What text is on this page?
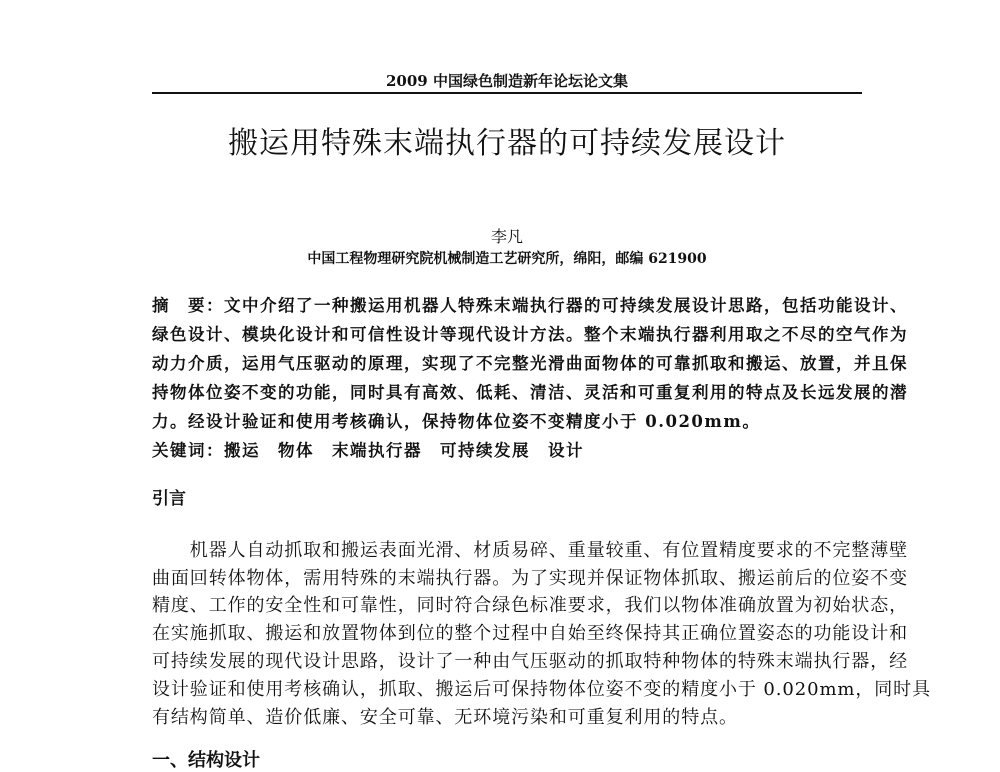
2009 中国绿色制造新年论坛论文集
搬运用特殊末端执行器的可持续发展设计
李凡
中国工程物理研究院机械制造工艺研究所，绵阳，邮编 621900
摘　要：文中介绍了一种搬运用机器人特殊末端执行器的可持续发展设计思路，包括功能设计、
绿色设计、模块化设计和可信性设计等现代设计方法。整个末端执行器利用取之不尽的空气作为
动力介质，运用气压驱动的原理，实现了不完整光滑曲面物体的可靠抓取和搬运、放置，并且保
持物体位姿不变的功能，同时具有高效、低耗、清洁、灵活和可重复利用的特点及长远发展的潜
力。经设计验证和使用考核确认，保持物体位姿不变精度小于 0.020mm。
关键词：搬运　物体　末端执行器　可持续发展　设计
引言
　　机器人自动抓取和搬运表面光滑、材质易碎、重量较重、有位置精度要求的不完整薄壁
曲面回转体物体，需用特殊的末端执行器。为了实现并保证物体抓取、搬运前后的位姿不变
精度、工作的安全性和可靠性，同时符合绿色标准要求，我们以物体准确放置为初始状态，
在实施抓取、搬运和放置物体到位的整个过程中自始至终保持其正确位置姿态的功能设计和
可持续发展的现代设计思路，设计了一种由气压驱动的抓取特种物体的特殊末端执行器，经
设计验证和使用考核确认，抓取、搬运后可保持物体位姿不变的精度小于 0.020mm，同时具
有结构简单、造价低廉、安全可靠、无环境污染和可重复利用的特点。
一、结构设计
